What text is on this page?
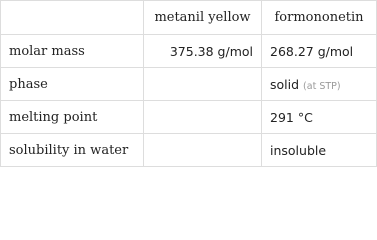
	metanil yellow	formononetin
molar mass	375.38 g/mol	268.27 g/mol
phase		solid (at STP)
melting point		291 °C
solubility in water		insoluble
